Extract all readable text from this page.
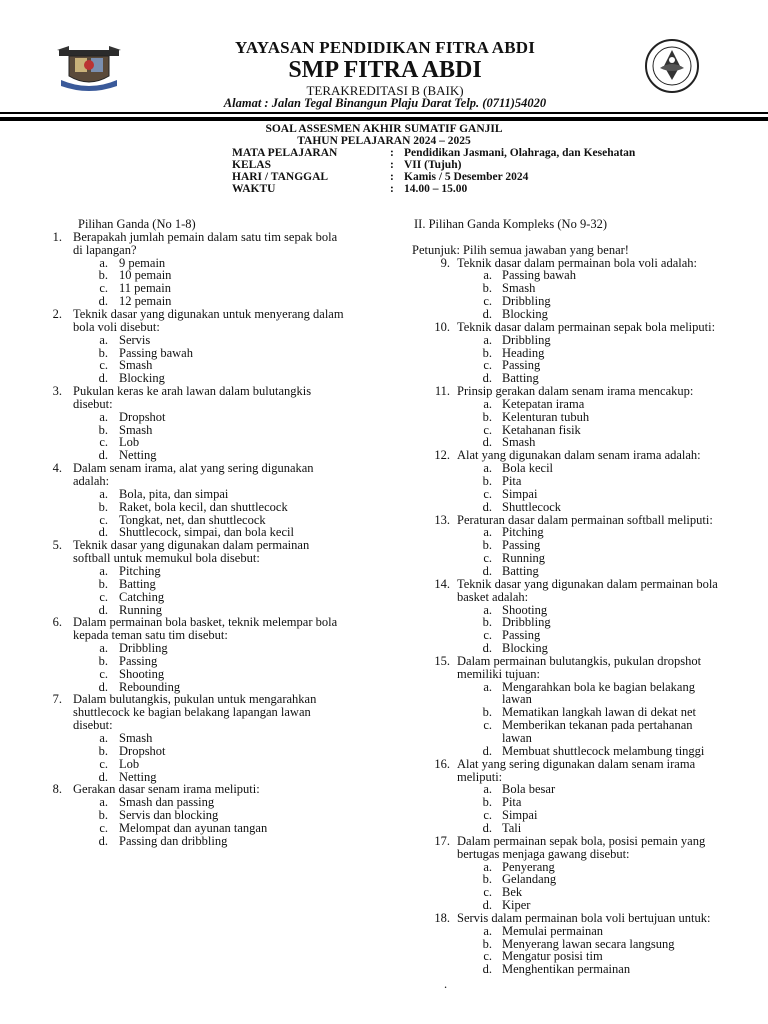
YAYASAN PENDIDIKAN FITRA ABDI
SMP FITRA ABDI
TERAKREDITASI B (BAIK)
Alamat : Jalan Tegal Binangun Plaju Darat Telp. (0711)54020
SOAL ASSESMEN AKHIR SUMATIF GANJIL
TAHUN PELAJARAN 2024 – 2025
MATA PELAJARAN	: Pendidikan Jasmani, Olahraga, dan Kesehatan
KELAS	: VII (Tujuh)
HARI / TANGGAL	: Kamis / 5 Desember 2024
WAKTU	: 14.00 – 15.00
Pilihan Ganda (No 1-8)
1. Berapakah jumlah pemain dalam satu tim sepak bola
di lapangan?
a. 9 pemain
b. 10 pemain
c. 11 pemain
d. 12 pemain
2. Teknik dasar yang digunakan untuk menyerang dalam
bola voli disebut:
a. Servis
b. Passing bawah
c. Smash
d. Blocking
3. Pukulan keras ke arah lawan dalam bulutangkis
disebut:
a. Dropshot
b. Smash
c. Lob
d. Netting
4. Dalam senam irama, alat yang sering digunakan
adalah:
a. Bola, pita, dan simpai
b. Raket, bola kecil, dan shuttlecock
c. Tongkat, net, dan shuttlecock
d. Shuttlecock, simpai, dan bola kecil
5. Teknik dasar yang digunakan dalam permainan
softball untuk memukul bola disebut:
a. Pitching
b. Batting
c. Catching
d. Running
6. Dalam permainan bola basket, teknik melempar bola
kepada teman satu tim disebut:
a. Dribbling
b. Passing
c. Shooting
d. Rebounding
7. Dalam bulutangkis, pukulan untuk mengarahkan
shuttlecock ke bagian belakang lapangan lawan
disebut:
a. Smash
b. Dropshot
c. Lob
d. Netting
8. Gerakan dasar senam irama meliputi:
a. Smash dan passing
b. Servis dan blocking
c. Melompat dan ayunan tangan
d. Passing dan dribbling
II. Pilihan Ganda Kompleks (No 9-32)
Petunjuk: Pilih semua jawaban yang benar!
9. Teknik dasar dalam permainan bola voli adalah:
a. Passing bawah
b. Smash
c. Dribbling
d. Blocking
10. Teknik dasar dalam permainan sepak bola meliputi:
a. Dribbling
b. Heading
c. Passing
d. Batting
11. Prinsip gerakan dalam senam irama mencakup:
a. Ketepatan irama
b. Kelenturan tubuh
c. Ketahanan fisik
d. Smash
12. Alat yang digunakan dalam senam irama adalah:
a. Bola kecil
b. Pita
c. Simpai
d. Shuttlecock
13. Peraturan dasar dalam permainan softball meliputi:
a. Pitching
b. Passing
c. Running
d. Batting
14. Teknik dasar yang digunakan dalam permainan bola
basket adalah:
a. Shooting
b. Dribbling
c. Passing
d. Blocking
15. Dalam permainan bulutangkis, pukulan dropshot
memiliki tujuan:
a. Mengarahkan bola ke bagian belakang
lawan
b. Mematikan langkah lawan di dekat net
c. Memberikan tekanan pada pertahanan
lawan
d. Membuat shuttlecock melambung tinggi
16. Alat yang sering digunakan dalam senam irama
meliputi:
a. Bola besar
b. Pita
c. Simpai
d. Tali
17. Dalam permainan sepak bola, posisi pemain yang
bertugas menjaga gawang disebut:
a. Penyerang
b. Gelandang
c. Bek
d. Kiper
18. Servis dalam permainan bola voli bertujuan untuk:
a. Memulai permainan
b. Menyerang lawan secara langsung
c. Mengatur posisi tim
d. Menghentikan permainan
.
